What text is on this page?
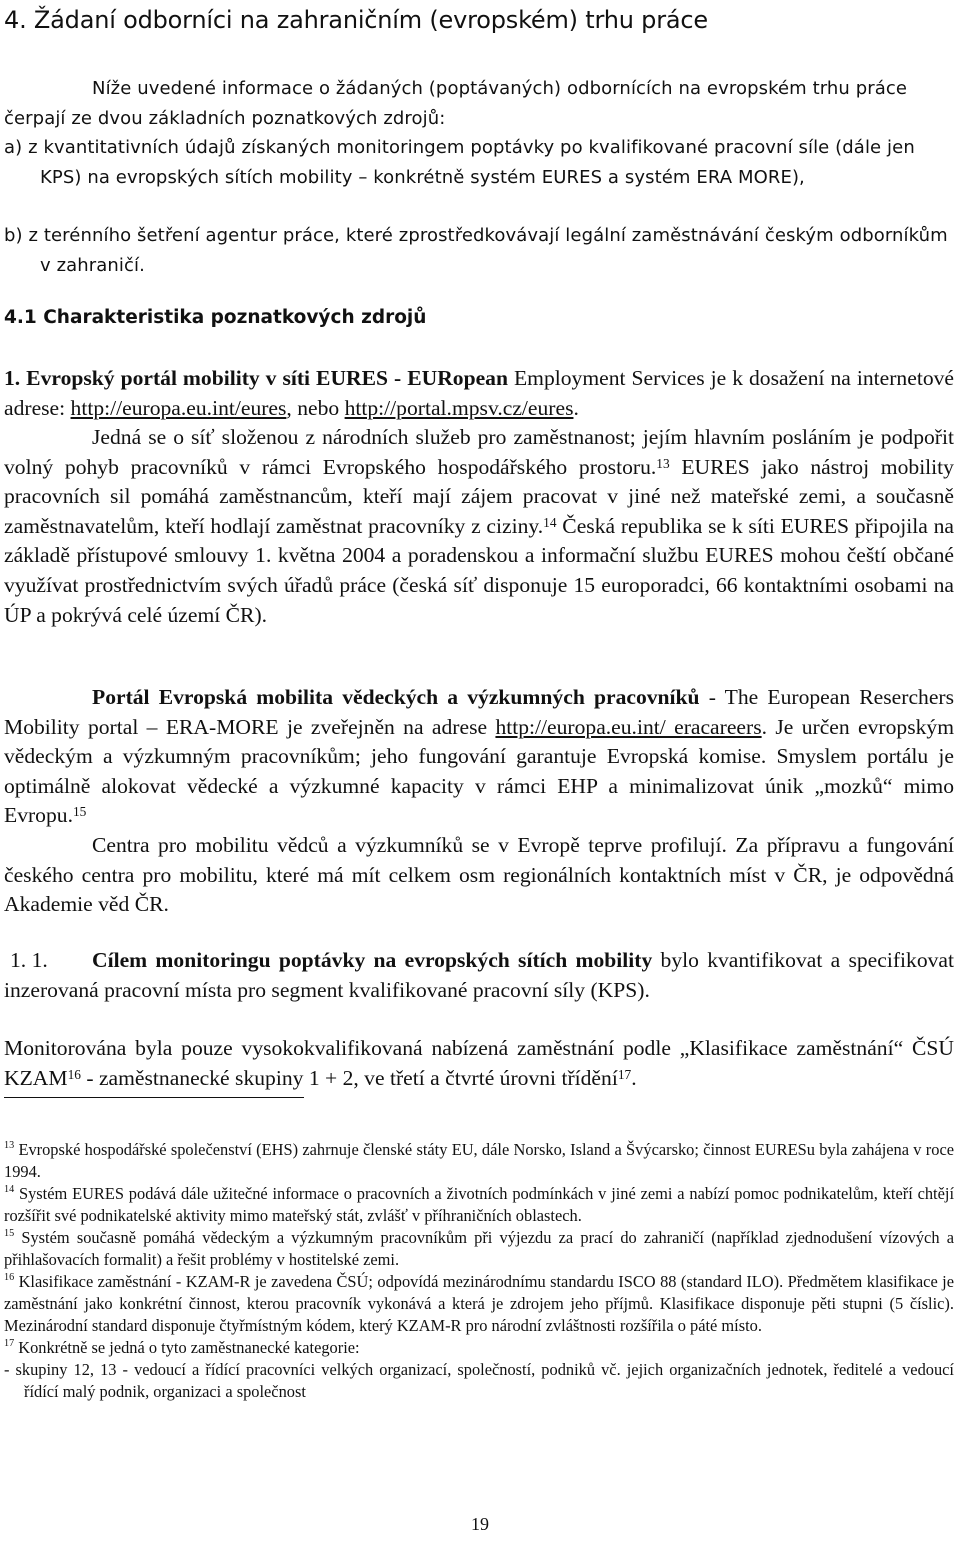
4. Žádaní odborníci na zahraničním (evropském) trhu práce

Níže uvedené informace o žádaných (poptávaných) odbornících na evropském trhu práce čerpají ze dvou základních poznatkových zdrojů:

a) z kvantitativních údajů získaných monitoringem poptávky po kvalifikované pracovní síle (dále jen KPS) na evropských sítích mobility – konkrétně systém EURES a systém ERA MORE),

b) z terénního šetření agentur práce, které zprostředkovávají legální zaměstnávání českým odborníkům v zahraničí.

4.1 Charakteristika poznatkových zdrojů

1. Evropský portál mobility v síti EURES - EURopean Employment Services je k dosažení na internetové adrese: http://europa.eu.int/eures, nebo http://portal.mpsv.cz/eures.

Jedná se o síť složenou z národních služeb pro zaměstnanost; jejím hlavním posláním je podpořit volný pohyb pracovníků v rámci Evropského hospodářského prostoru.$^{13}$ EURES jako nástroj mobility pracovních sil pomáhá zaměstnancům, kteří mají zájem pracovat v jiné než mateřské zemi, a současně zaměstnavatelům, kteří hodlají zaměstnat pracovníky z ciziny.$^{14}$ Česká republika se k síti EURES připojila na základě přístupové smlouvy 1. května 2004 a poradenskou a informační službu EURES mohou čeští občané využívat prostřednictvím svých úřadů práce (česká síť disponuje 15 europoradci, 66 kontaktními osobami na ÚP a pokrývá celé území ČR).

Portál Evropská mobilita vědeckých a výzkumných pracovníků - The European Reserchers Mobility portal – ERA-MORE je zveřejněn na adrese http://europa.eu.int/ eracareers. Je určen evropským vědeckým a výzkumným pracovníkům; jeho fungování garantuje Evropská komise. Smyslem portálu je optimálně alokovat vědecké a výzkumné kapacity v rámci EHP a minimalizovat únik „mozků“ mimo Evropu.$^{15}$

Centra pro mobilitu vědců a výzkumníků se v Evropě teprve profilují. Za přípravu a fungování českého centra pro mobilitu, které má mít celkem osm regionálních kontaktních míst v ČR, je odpovědná Akademie věd ČR.

1. 1. Cílem monitoringu poptávky na evropských sítích mobility bylo kvantifikovat a specifikovat inzerovaná pracovní místa pro segment kvalifikované pracovní síly (KPS).

Monitorována byla pouze vysokokvalifikovaná nabízená zaměstnání podle „Klasifikace zaměstnání“ ČSÚ KZAM$^{16}$ - zaměstnanecké skupiny 1 + 2, ve třetí a čtvrté úrovni třídění$^{17}$.

$^{13}$ Evropské hospodářské společenství (EHS) zahrnuje členské státy EU, dále Norsko, Island a Švýcarsko; činnost EURESu byla zahájena v roce 1994.
$^{14}$ Systém EURES podává dále užitečné informace o pracovních a životních podmínkách v jiné zemi a nabízí pomoc podnikatelům, kteří chtějí rozšířit své podnikatelské aktivity mimo mateřský stát, zvlášť v příhraničních oblastech.
$^{15}$ Systém současně pomáhá vědeckým a výzkumným pracovníkům při výjezdu za prací do zahraničí (například zjednodušení vízových a přihlašovacích formalit) a řešit problémy v hostitelské zemi.
$^{16}$ Klasifikace zaměstnání - KZAM-R je zavedena ČSÚ; odpovídá mezinárodnímu standardu ISCO 88 (standard ILO). Předmětem klasifikace je zaměstnání jako konkrétní činnost, kterou pracovník vykonává a která je zdrojem jeho příjmů. Klasifikace disponuje pěti stupni (5 číslic). Mezinárodní standard disponuje čtyřmístným kódem, který KZAM-R pro národní zvláštnosti rozšířila o páté místo.
$^{17}$ Konkrétně se jedná o tyto zaměstnanecké kategorie:
- skupiny 12, 13 - vedoucí a řídící pracovníci velkých organizací, společností, podniků vč. jejich organizačních jednotek, ředitelé a vedoucí řídící malý podnik, organizaci a společnost
19
